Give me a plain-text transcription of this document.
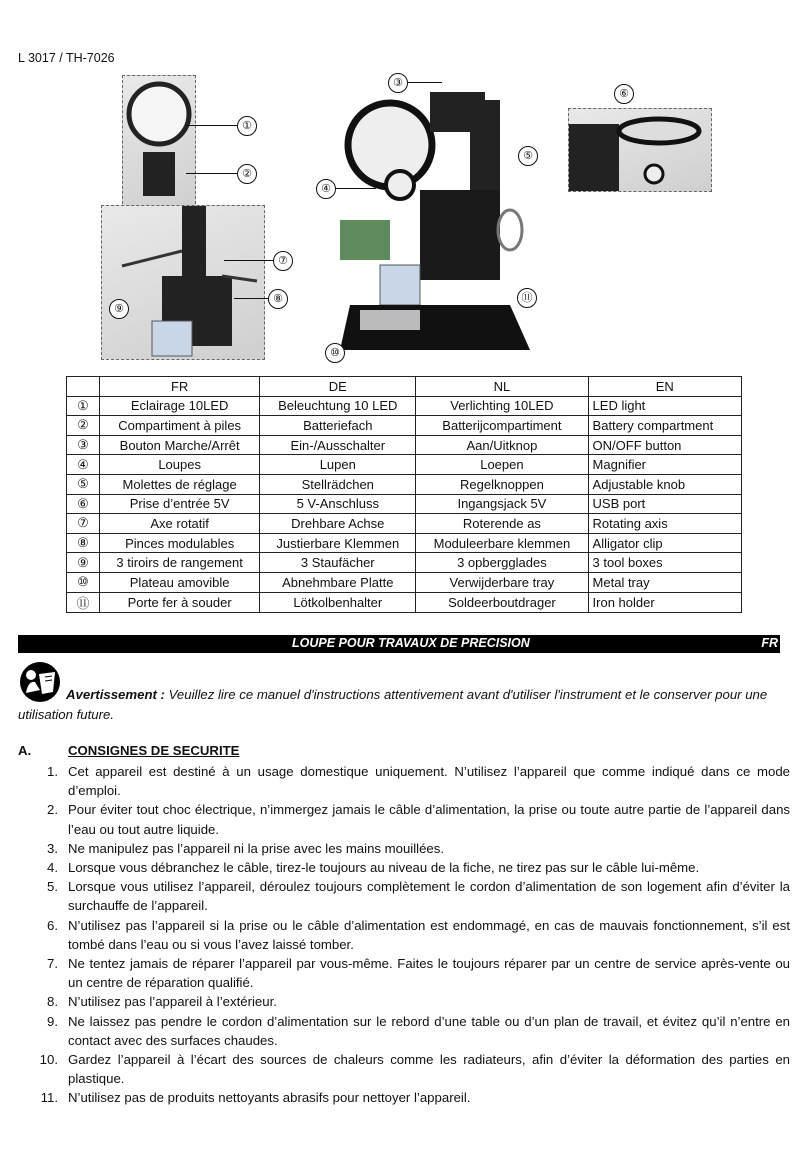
L 3017 / TH-7026
①
②
③
④
⑤
⑥
⑦
⑧
⑨
⑩
⑪
	FR	DE	NL	EN
①	Eclairage 10LED	Beleuchtung 10 LED	Verlichting 10LED	LED light
②	Compartiment à piles	Batteriefach	Batterijcompartiment	Battery compartment
③	Bouton Marche/Arrêt	Ein-/Ausschalter	Aan/Uitknop	ON/OFF button
④	Loupes	Lupen	Loepen	Magnifier
⑤	Molettes de réglage	Stellrädchen	Regelknoppen	Adjustable knob
⑥	Prise d’entrée 5V	5 V-Anschluss	Ingangsjack 5V	USB port
⑦	Axe rotatif	Drehbare Achse	Roterende as	Rotating axis
⑧	Pinces modulables	Justierbare Klemmen	Moduleerbare klemmen	Alligator clip
⑨	3 tiroirs de rangement	3 Staufächer	3 opbergglades	3 tool boxes
⑩	Plateau amovible	Abnehmbare Platte	Verwijderbare tray	Metal tray
⑪	Porte fer à souder	Lötkolbenhalter	Soldeerboutdrager	Iron holder
LOUPE POUR TRAVAUX DE PRECISION	FR
Avertissement : Veuillez lire ce manuel d'instructions attentivement avant d'utiliser l'instrument et le conserver pour une utilisation future.
A.	CONSIGNES DE SECURITE
1. Cet appareil est destiné à un usage domestique uniquement. N’utilisez l’appareil que comme indiqué dans ce mode d’emploi.
2. Pour éviter tout choc électrique, n’immergez jamais le câble d’alimentation, la prise ou toute autre partie de l’appareil dans l’eau ou tout autre liquide.
3. Ne manipulez pas l’appareil ni la prise avec les mains mouillées.
4. Lorsque vous débranchez le câble, tirez-le toujours au niveau de la fiche, ne tirez pas sur le câble lui-même.
5. Lorsque vous utilisez l’appareil, déroulez toujours complètement le cordon d’alimentation de son logement afin d’éviter la surchauffe de l’appareil.
6. N’utilisez pas l’appareil si la prise ou le câble d’alimentation est endommagé, en cas de mauvais fonctionnement, s’il est tombé dans l’eau ou si vous l’avez laissé tomber.
7. Ne tentez jamais de réparer l’appareil par vous-même. Faites le toujours réparer par un centre de service après-vente ou un centre de réparation qualifié.
8. N’utilisez pas l’appareil à l’extérieur.
9. Ne laissez pas pendre le cordon d’alimentation sur le rebord d’une table ou d’un plan de travail, et évitez qu’il n’entre en contact avec des surfaces chaudes.
10. Gardez l’appareil à l’écart des sources de chaleurs comme les radiateurs, afin d’éviter la déformation des parties en plastique.
11. N’utilisez pas de produits nettoyants abrasifs pour nettoyer l’appareil.
